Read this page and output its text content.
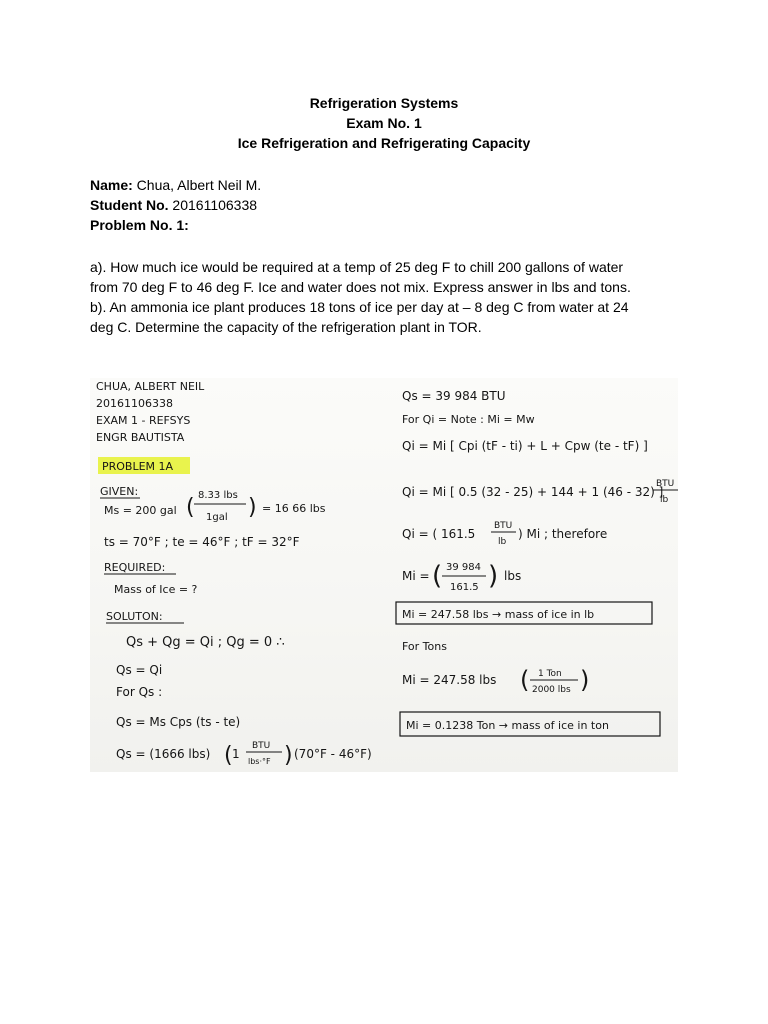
Refrigeration Systems
Exam No. 1
Ice Refrigeration and Refrigerating Capacity
Name: Chua, Albert Neil M.
Student No. 20161106338
Problem No. 1:
a). How much ice would be required at a temp of 25 deg F to chill 200 gallons of water
from 70 deg F to 46 deg F. Ice and water does not mix. Express answer in lbs and tons.
b). An ammonia ice plant produces 18 tons of ice per day at – 8 deg C from water at 24
deg C. Determine the capacity of the refrigeration plant in TOR.
CHUA, ALBERT NEIL
20161106338
EXAM 1 - REFSYS
ENGR BAUTISTA
PROBLEM 1A
GIVEN:
Ms = 200 gal
8.33 lbs
1gal
( ) = 16 66 lbs
ts = 70°F ; te = 46°F ; tF = 32°F
REQUIRED:
Mass of Ice = ?
SOLUTON:
Qs + Qg = Qi ; Qg = 0 ∴
Qs = Qi
For Qs :
Qs = Ms Cps (ts - te)
Qs = (1666 lbs) ( 1
BTU
lbs·°F ) (70°F - 46°F)
Qs = 39 984 BTU
For Qi = Note : Mi = Mw
Qi = Mi [ Cpi (tF - ti) + L + Cpw (te - tF) ]
Qi = Mi [ 0.5 (32 - 25) + 144 + 1 (46 - 32) ]
BTU
lb
Qi = ( 161.5
BTU
lb
) Mi ; therefore
Mi = ( 39 984
161.5 ) lbs
Mi = 247.58 lbs → mass of ice in lb
For Tons
Mi = 247.58 lbs ( 1 Ton
2000 lbs )
Mi = 0.1238 Ton → mass of ice in ton
